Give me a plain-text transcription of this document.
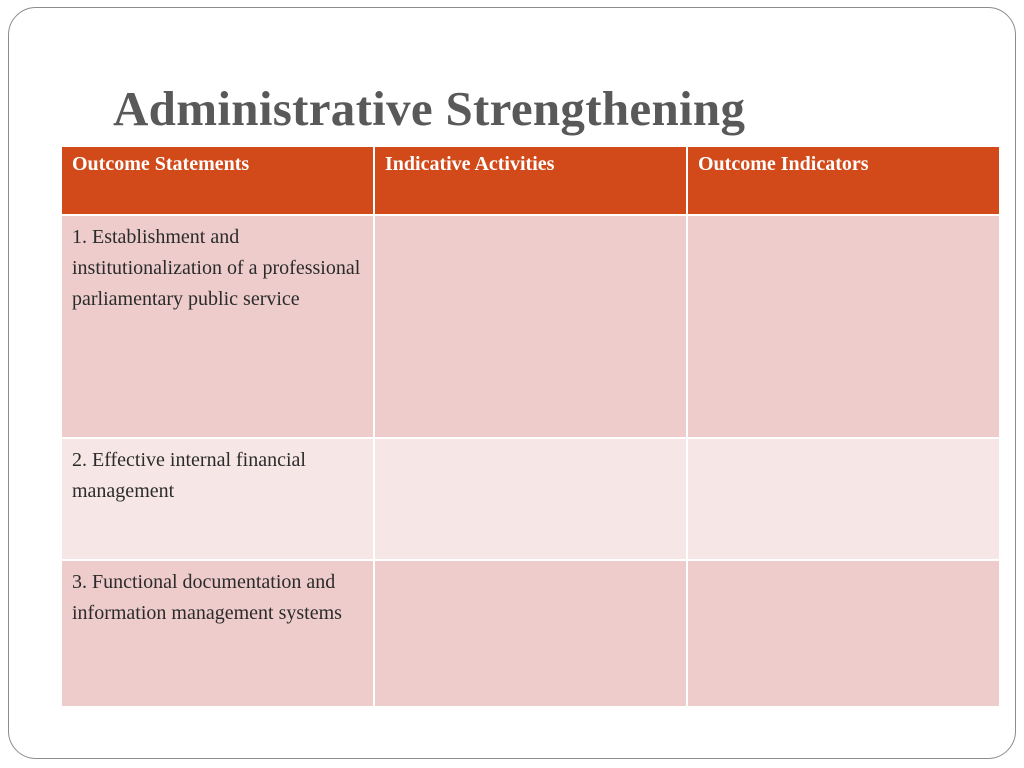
Administrative Strengthening
Outcome Statements	Indicative Activities	Outcome Indicators
1. Establishment and institutionalization of a professional parliamentary public service		
2. Effective internal financial management		
3. Functional documentation and information management systems		
